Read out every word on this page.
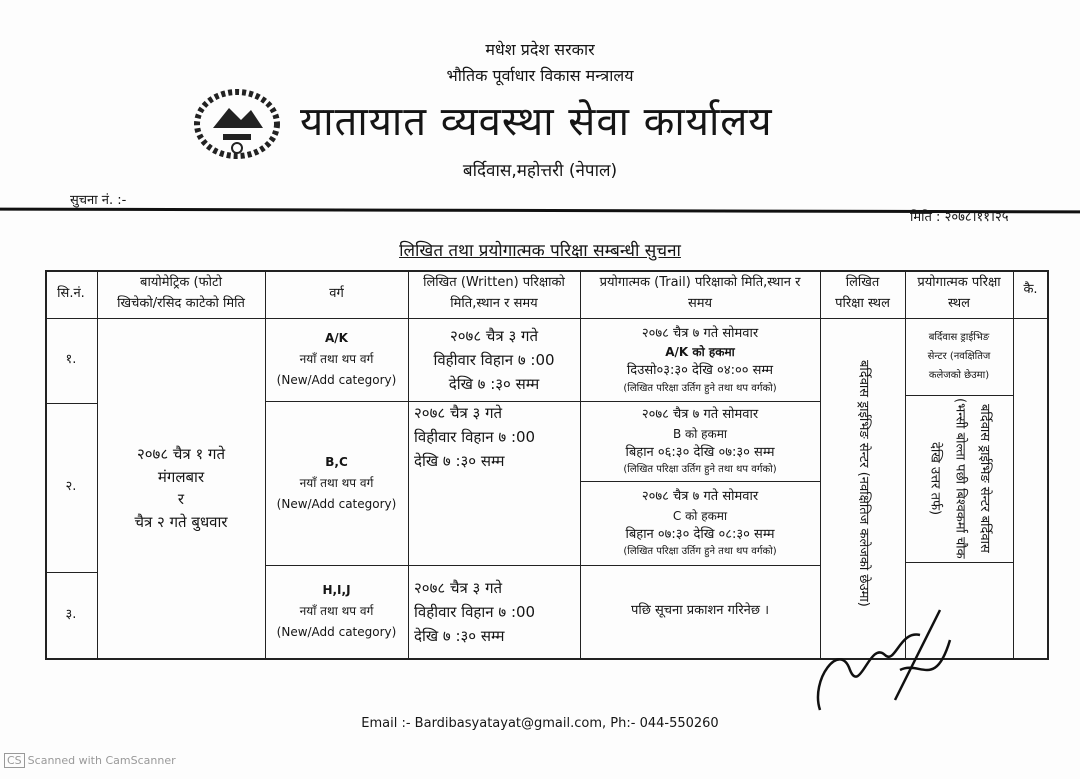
मधेश प्रदेश सरकार
भौतिक पूर्वाधार विकास मन्त्रालय
यातायात व्यवस्था सेवा कार्यालय
बर्दिवास,महोत्तरी (नेपाल)
सुचना नं. :-
मिति : २०७८।११।२५
लिखित तथा प्रयोगात्मक परिक्षा सम्बन्धी सुचना
सि.नं.
बायोमेट्रिक (फोटो
खिचेको/रसिद काटेको मिति
वर्ग
लिखित (Written) परिक्षाको
मिति,स्थान र समय
प्रयोगात्मक (Trail) परिक्षाको मिति,स्थान र
समय
लिखित
परिक्षा स्थल
प्रयोगात्मक परिक्षा
स्थल
कै.
१.
२.
३.
२०७८ चैत्र १ गते
मंगलबार
र
चैत्र २ गते बुधवार
A/K
नयाँ तथा थप वर्ग
(New/Add category)
B,C
नयाँ तथा थप वर्ग
(New/Add category)
H,I,J
नयाँ तथा थप वर्ग
(New/Add category)
२०७८ चैत्र ३ गते
विहीवार विहान ७ :00
देखि ७ :३० सम्म
२०७८ चैत्र ३ गते
विहीवार विहान ७ :00
देखि ७ :३० सम्म
२०७८ चैत्र ३ गते
विहीवार विहान ७ :00
देखि ७ :३० सम्म
२०७८ चैत्र ७ गते सोमवार
A/K को हकमा
दिउसो०३:३० देखि ०४:०० सम्म
(लिखित परिक्षा उर्तिग हुने तथा थप वर्गको)
२०७८ चैत्र ७ गते सोमवार
B को हकमा
बिहान ०६:३० देखि ०७:३० सम्म
(लिखित परिक्षा उर्तिग हुने तथा थप वर्गको)
२०७८ चैत्र ७ गते सोमवार
C को हकमा
बिहान ०७:३० देखि ०८:३० सम्म
(लिखित परिक्षा उर्तिग हुने तथा थप वर्गको)
पछि सूचना प्रकाशन गरिनेछ ।
बर्दिवास ड्राईभिङ सेन्टर (नवक्षितिज कलेजको छेउमा)
बर्दिवास ड्राईभिङ
सेन्टर (नवक्षितिज
कलेजको छेउमा)
बर्दिवास ड्राईभिङ सेन्टर बर्दिवास
(भन्सी बोल्ता पछी बिश्वकर्मा चौक
देखि उत्तर तर्फ)
Email :- Bardibasyatayat@gmail.com, Ph:- 044-550260
CS Scanned with CamScanner
